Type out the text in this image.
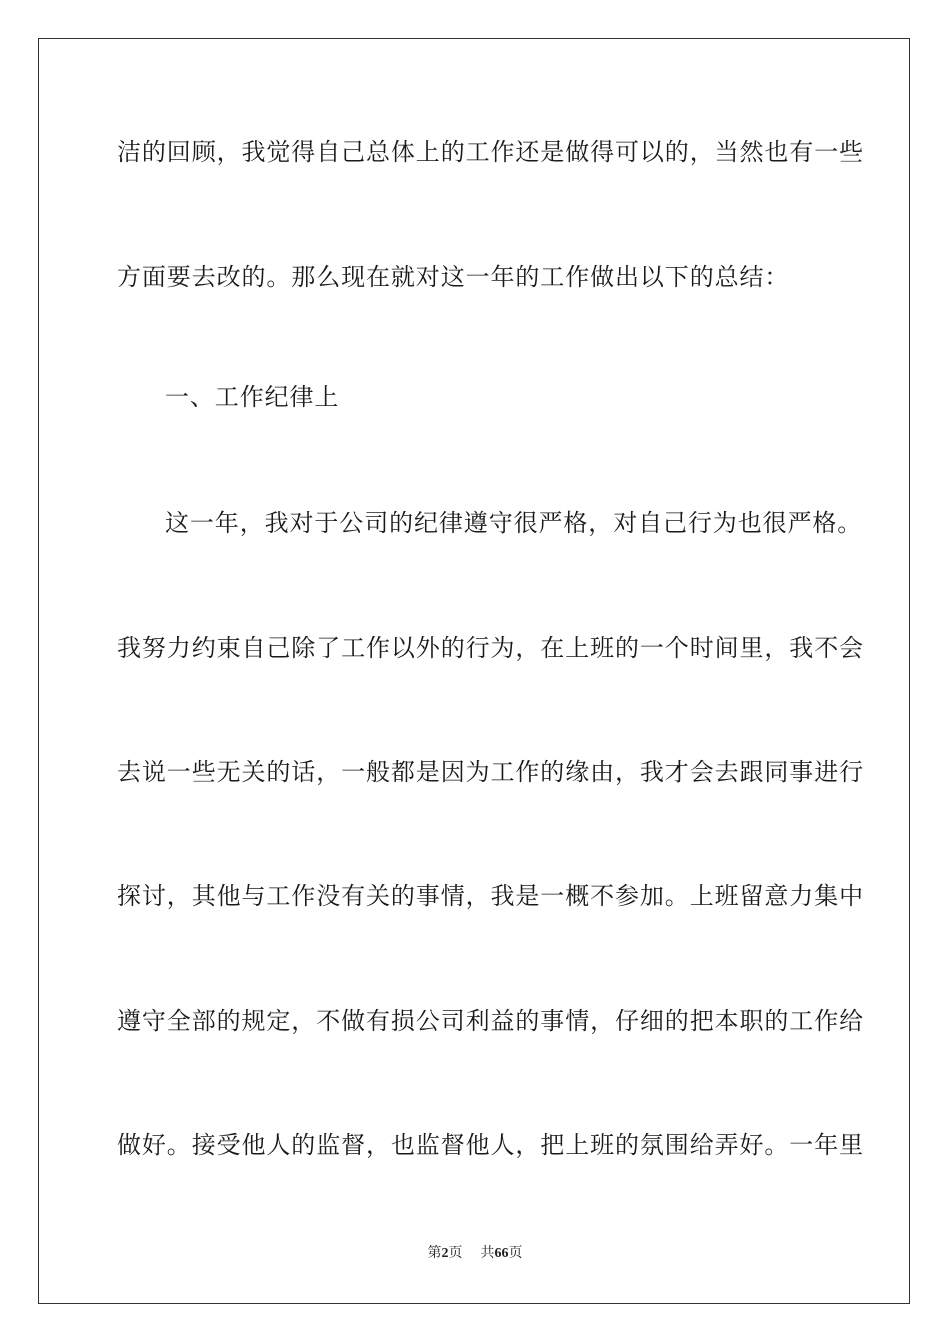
洁的回顾，我觉得自己总体上的工作还是做得可以的，当然也有一些
方面要去改的。那么现在就对这一年的工作做出以下的总结：
一、工作纪律上
这一年，我对于公司的纪律遵守很严格，对自己行为也很严格。
我努力约束自己除了工作以外的行为，在上班的一个时间里，我不会
去说一些无关的话，一般都是因为工作的缘由，我才会去跟同事进行
探讨，其他与工作没有关的事情，我是一概不参加。上班留意力集中
遵守全部的规定，不做有损公司利益的事情，仔细的把本职的工作给
做好。接受他人的监督，也监督他人，把上班的氛围给弄好。一年里
第2页 共66页
